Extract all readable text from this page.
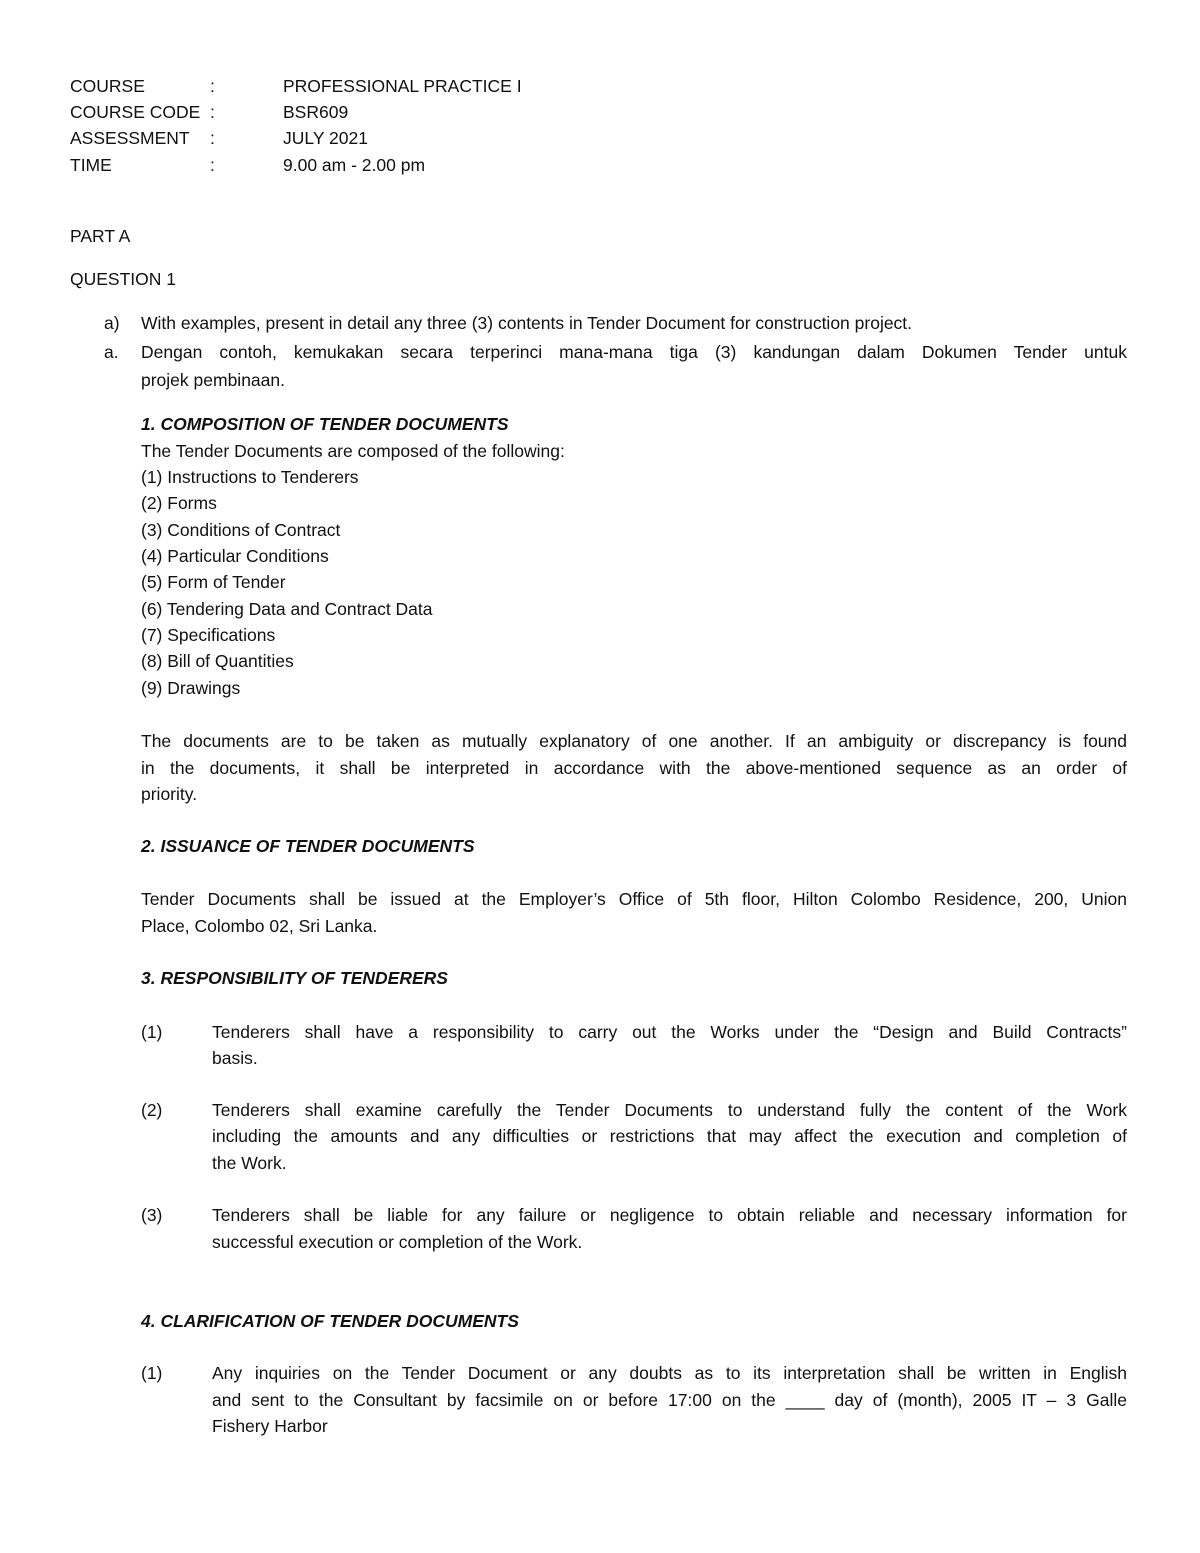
COURSE	:	PROFESSIONAL PRACTICE I
COURSE CODE :	BSR609
ASSESSMENT :	JULY 2021
TIME	:	9.00 am - 2.00 pm
PART A
QUESTION 1
a) With examples, present in detail any three (3) contents in Tender Document for construction project.
a. Dengan contoh, kemukakan secara terperinci mana-mana tiga (3) kandungan dalam Dokumen Tender untuk
projek pembinaan.
1. COMPOSITION OF TENDER DOCUMENTS
The Tender Documents are composed of the following:
(1) Instructions to Tenderers
(2) Forms
(3) Conditions of Contract
(4) Particular Conditions
(5) Form of Tender
(6) Tendering Data and Contract Data
(7) Specifications
(8) Bill of Quantities
(9) Drawings
The documents are to be taken as mutually explanatory of one another. If an ambiguity or discrepancy is found
in the documents, it shall be interpreted in accordance with the above-mentioned sequence as an order of
priority.
2. ISSUANCE OF TENDER DOCUMENTS
Tender Documents shall be issued at the Employer’s Office of 5th floor, Hilton Colombo Residence, 200, Union
Place, Colombo 02, Sri Lanka.
3. RESPONSIBILITY OF TENDERERS
(1)	Tenderers shall have a responsibility to carry out the Works under the “Design and Build Contracts”
basis.
(2)	Tenderers shall examine carefully the Tender Documents to understand fully the content of the Work
including the amounts and any difficulties or restrictions that may affect the execution and completion of
the Work.
(3)	Tenderers shall be liable for any failure or negligence to obtain reliable and necessary information for
successful execution or completion of the Work.
4. CLARIFICATION OF TENDER DOCUMENTS
(1)	Any inquiries on the Tender Document or any doubts as to its interpretation shall be written in English
and sent to the Consultant by facsimile on or before 17:00 on the ____ day of (month), 2005 IT – 3 Galle
Fishery Harbor
